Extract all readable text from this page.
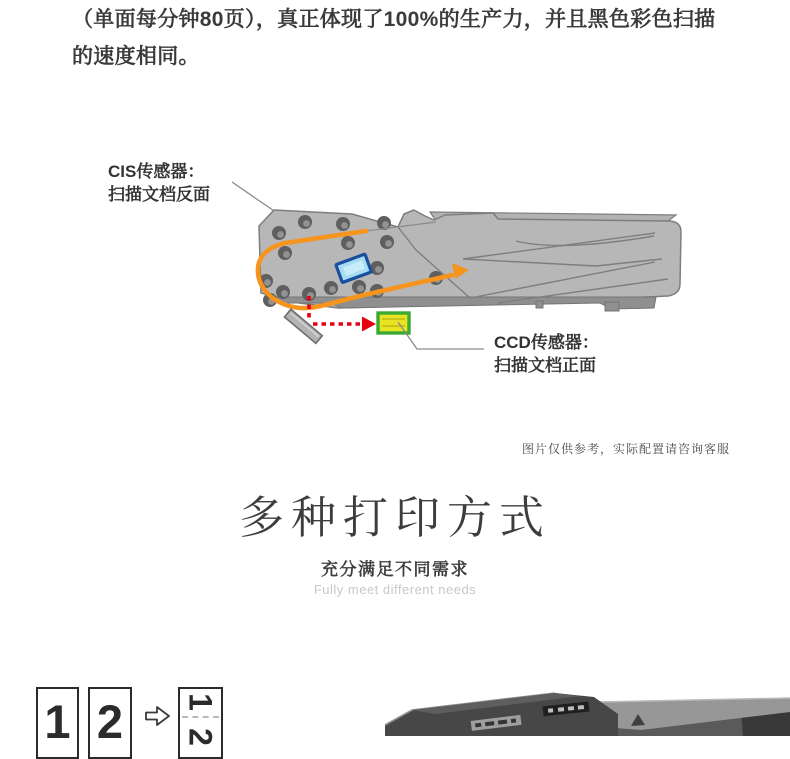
（单面每分钟80页），真正体现了100%的生产力，并且黑色彩色扫描的速度相同。
CIS传感器：
扫描文档反面
CCD传感器：
扫描文档正面
图片仅供参考，实际配置请咨询客服
多种打印方式
充分满足不同需求
Fully meet different needs
1 2 1
2
